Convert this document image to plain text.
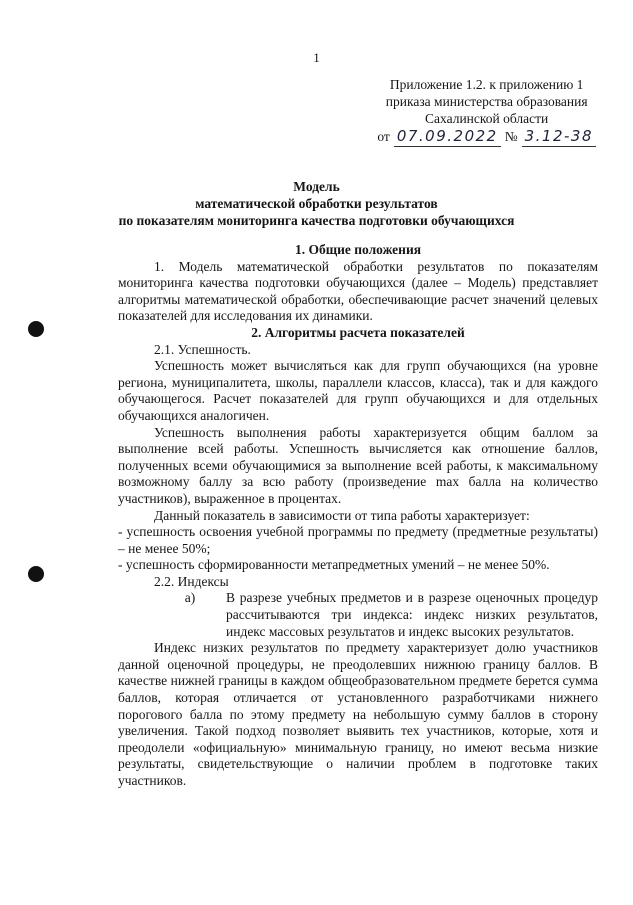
1
Приложение 1.2. к приложению 1
приказа министерства образования
Сахалинской области
от 07.09.2022 № 3.12-38
Модель
математической обработки результатов
по показателям мониторинга качества подготовки обучающихся
1. Общие положения

1. Модель математической обработки результатов по показателям мониторинга качества подготовки обучающихся (далее – Модель) представляет алгоритмы математической обработки, обеспечивающие расчет значений целевых показателей для исследования их динамики.

2. Алгоритмы расчета показателей

2.1. Успешность.

Успешность может вычисляться как для групп обучающихся (на уровне региона, муниципалитета, школы, параллели классов, класса), так и для каждого обучающегося. Расчет показателей для групп обучающихся и для отдельных обучающихся аналогичен.

Успешность выполнения работы характеризуется общим баллом за выполнение всей работы. Успешность вычисляется как отношение баллов, полученных всеми обучающимися за выполнение всей работы, к максимальному возможному баллу за всю работу (произведение max балла на количество участников), выраженное в процентах.

Данный показатель в зависимости от типа работы характеризует:

- успешность освоения учебной программы по предмету (предметные результаты) – не менее 50%;

- успешность сформированности метапредметных умений – не менее 50%.

2.2. Индексы

а)	В разрезе учебных предметов и в разрезе оценочных процедур рассчитываются три индекса: индекс низких результатов, индекс массовых результатов и индекс высоких результатов.

Индекс низких результатов по предмету характеризует долю участников данной оценочной процедуры, не преодолевших нижнюю границу баллов. В качестве нижней границы в каждом общеобразовательном предмете берется сумма баллов, которая отличается от установленного разработчиками нижнего порогового балла по этому предмету на небольшую сумму баллов в сторону увеличения. Такой подход позволяет выявить тех участников, которые, хотя и преодолели «официальную» минимальную границу, но имеют весьма низкие результаты, свидетельствующие о наличии проблем в подготовке таких участников.
